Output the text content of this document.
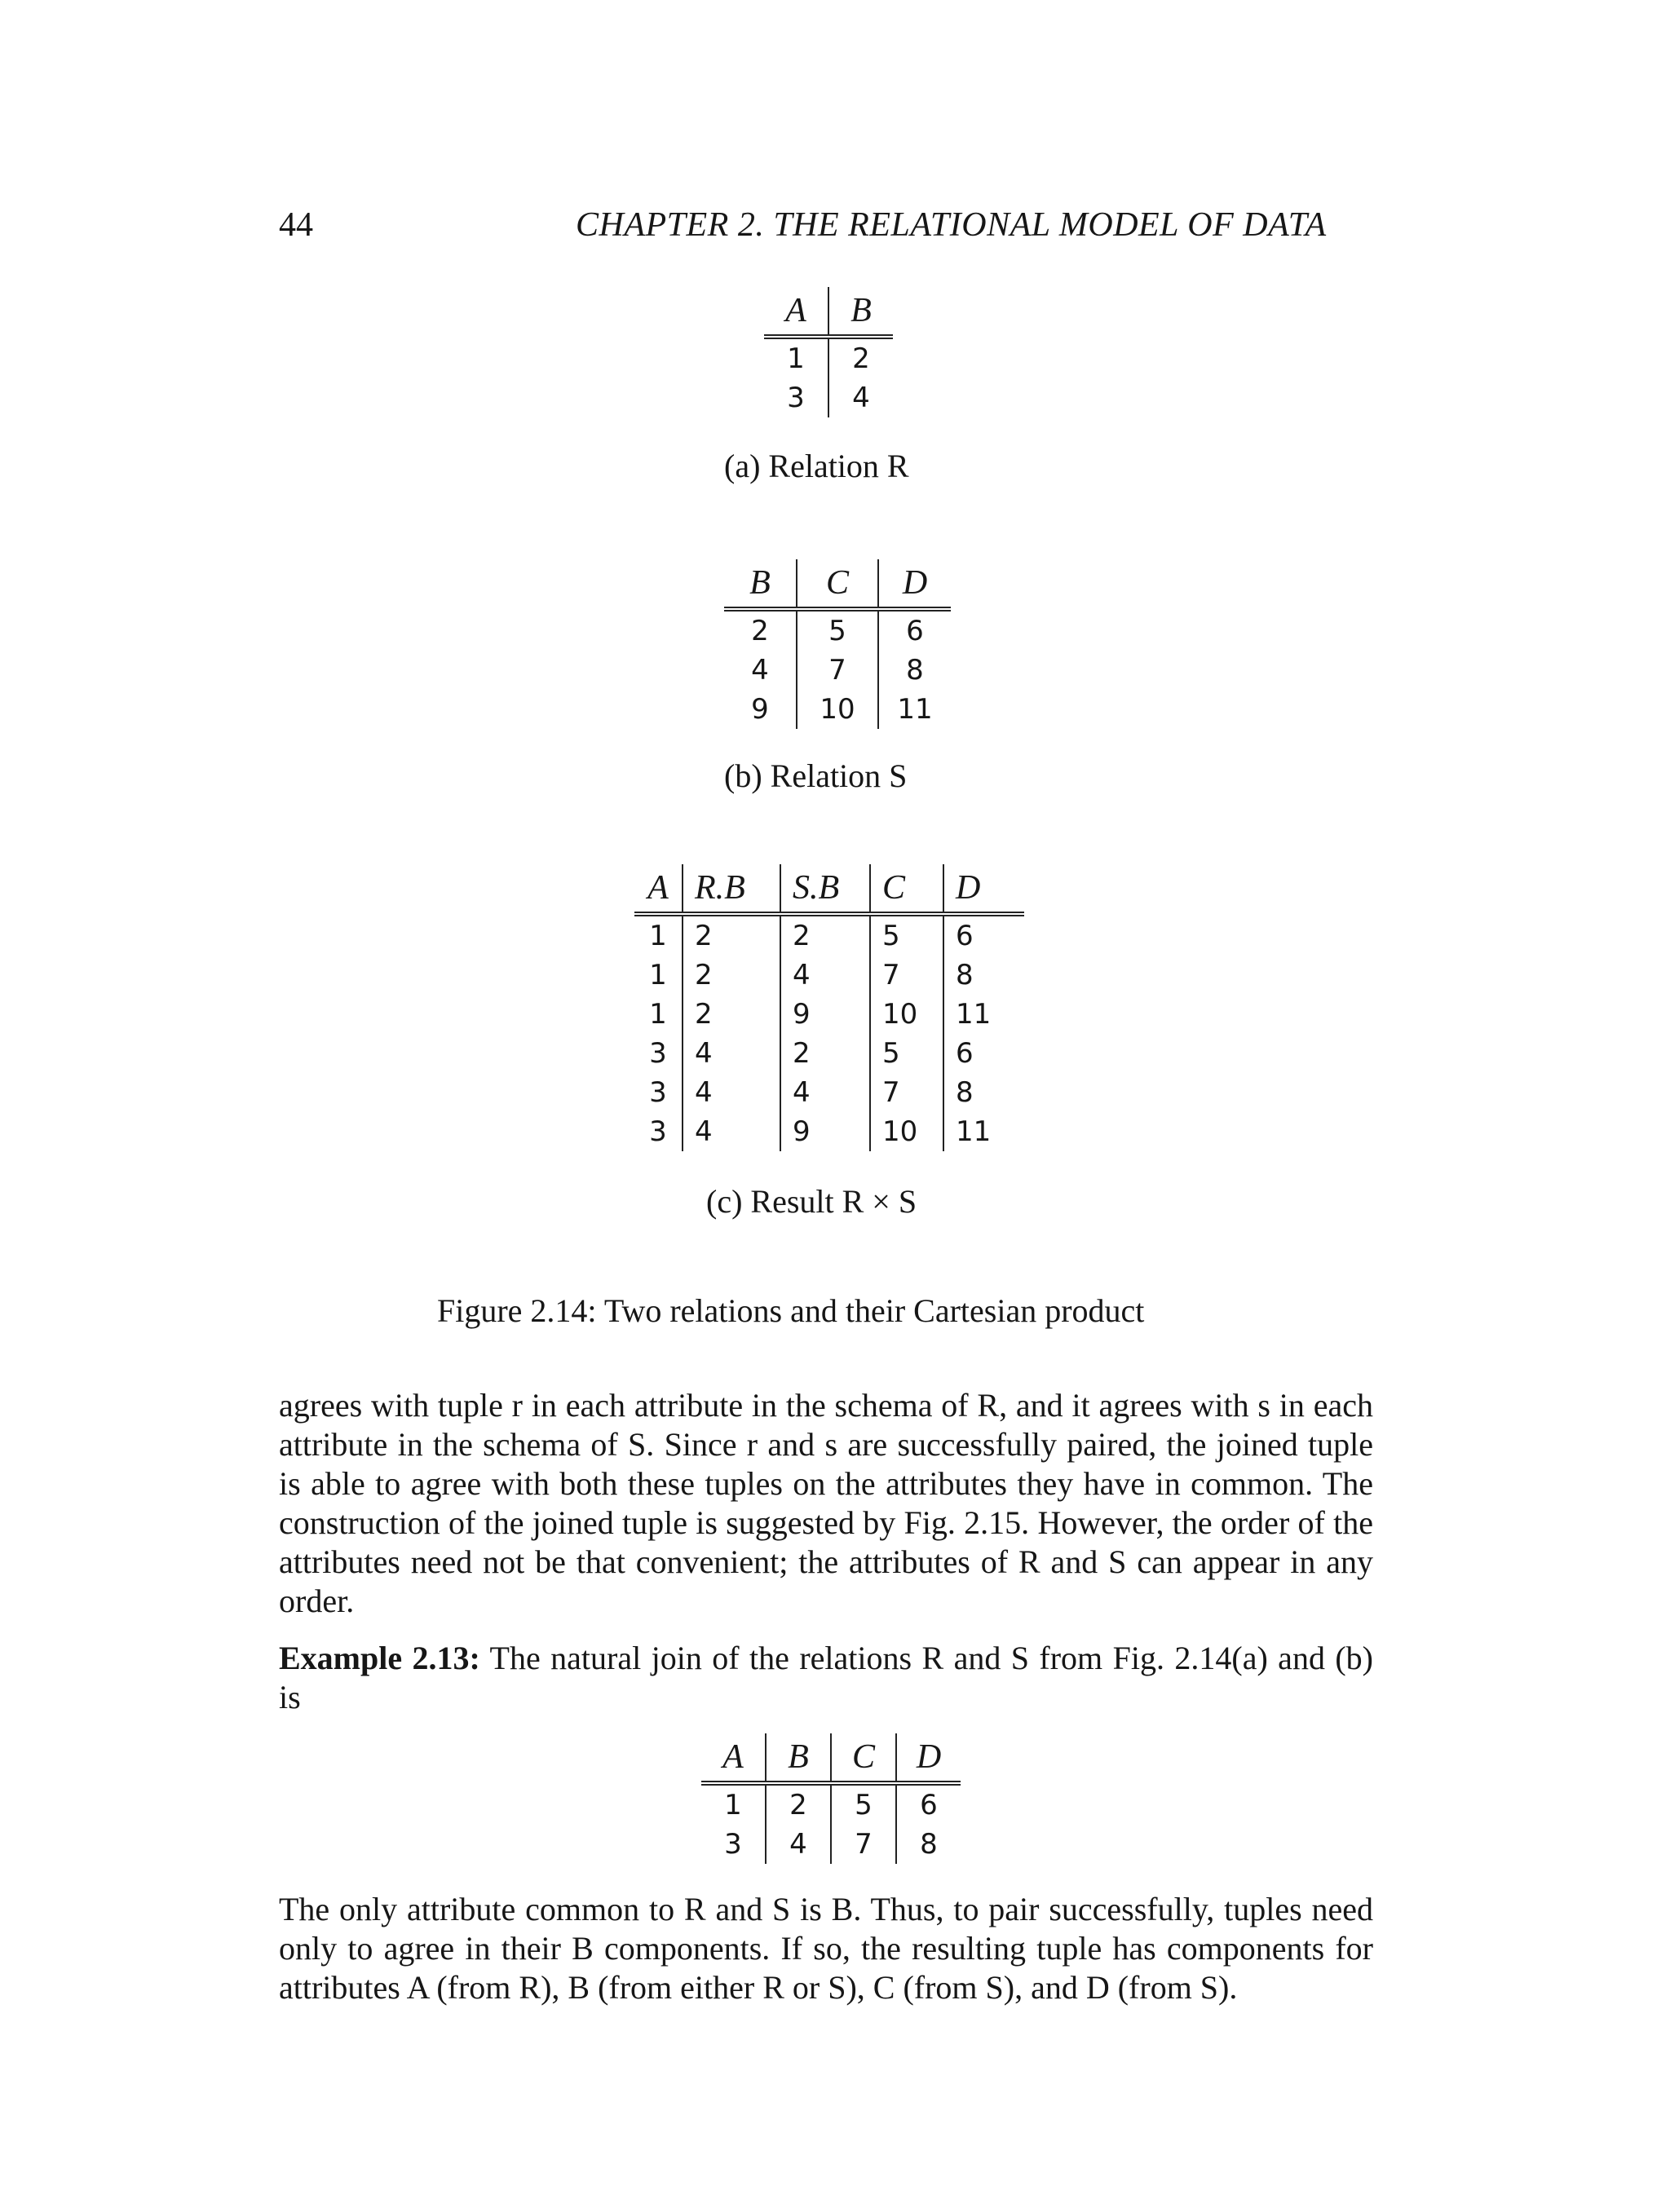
44	CHAPTER 2. THE RELATIONAL MODEL OF DATA
A	B
1	2
3	4
(a) Relation R
B	C	D
2	5	6
4	7	8
9	10	11
(b) Relation S
A	R.B	S.B	C	D
1	2	2	5	6
1	2	4	7	8
1	2	9	10	11
3	4	2	5	6
3	4	4	7	8
3	4	9	10	11
(c) Result R × S
Figure 2.14: Two relations and their Cartesian product

agrees with tuple r in each attribute in the schema of R, and it agrees with s in each attribute in the schema of S. Since r and s are successfully paired, the joined tuple is able to agree with both these tuples on the attributes they have in common. The construction of the joined tuple is suggested by Fig. 2.15. However, the order of the attributes need not be that convenient; the attributes of R and S can appear in any order.

Example 2.13: The natural join of the relations R and S from Fig. 2.14(a) and (b) is

A	B	C	D
1	2	5	6
3	4	7	8

The only attribute common to R and S is B. Thus, to pair successfully, tuples need only to agree in their B components. If so, the resulting tuple has components for attributes A (from R), B (from either R or S), C (from S), and D (from S).
